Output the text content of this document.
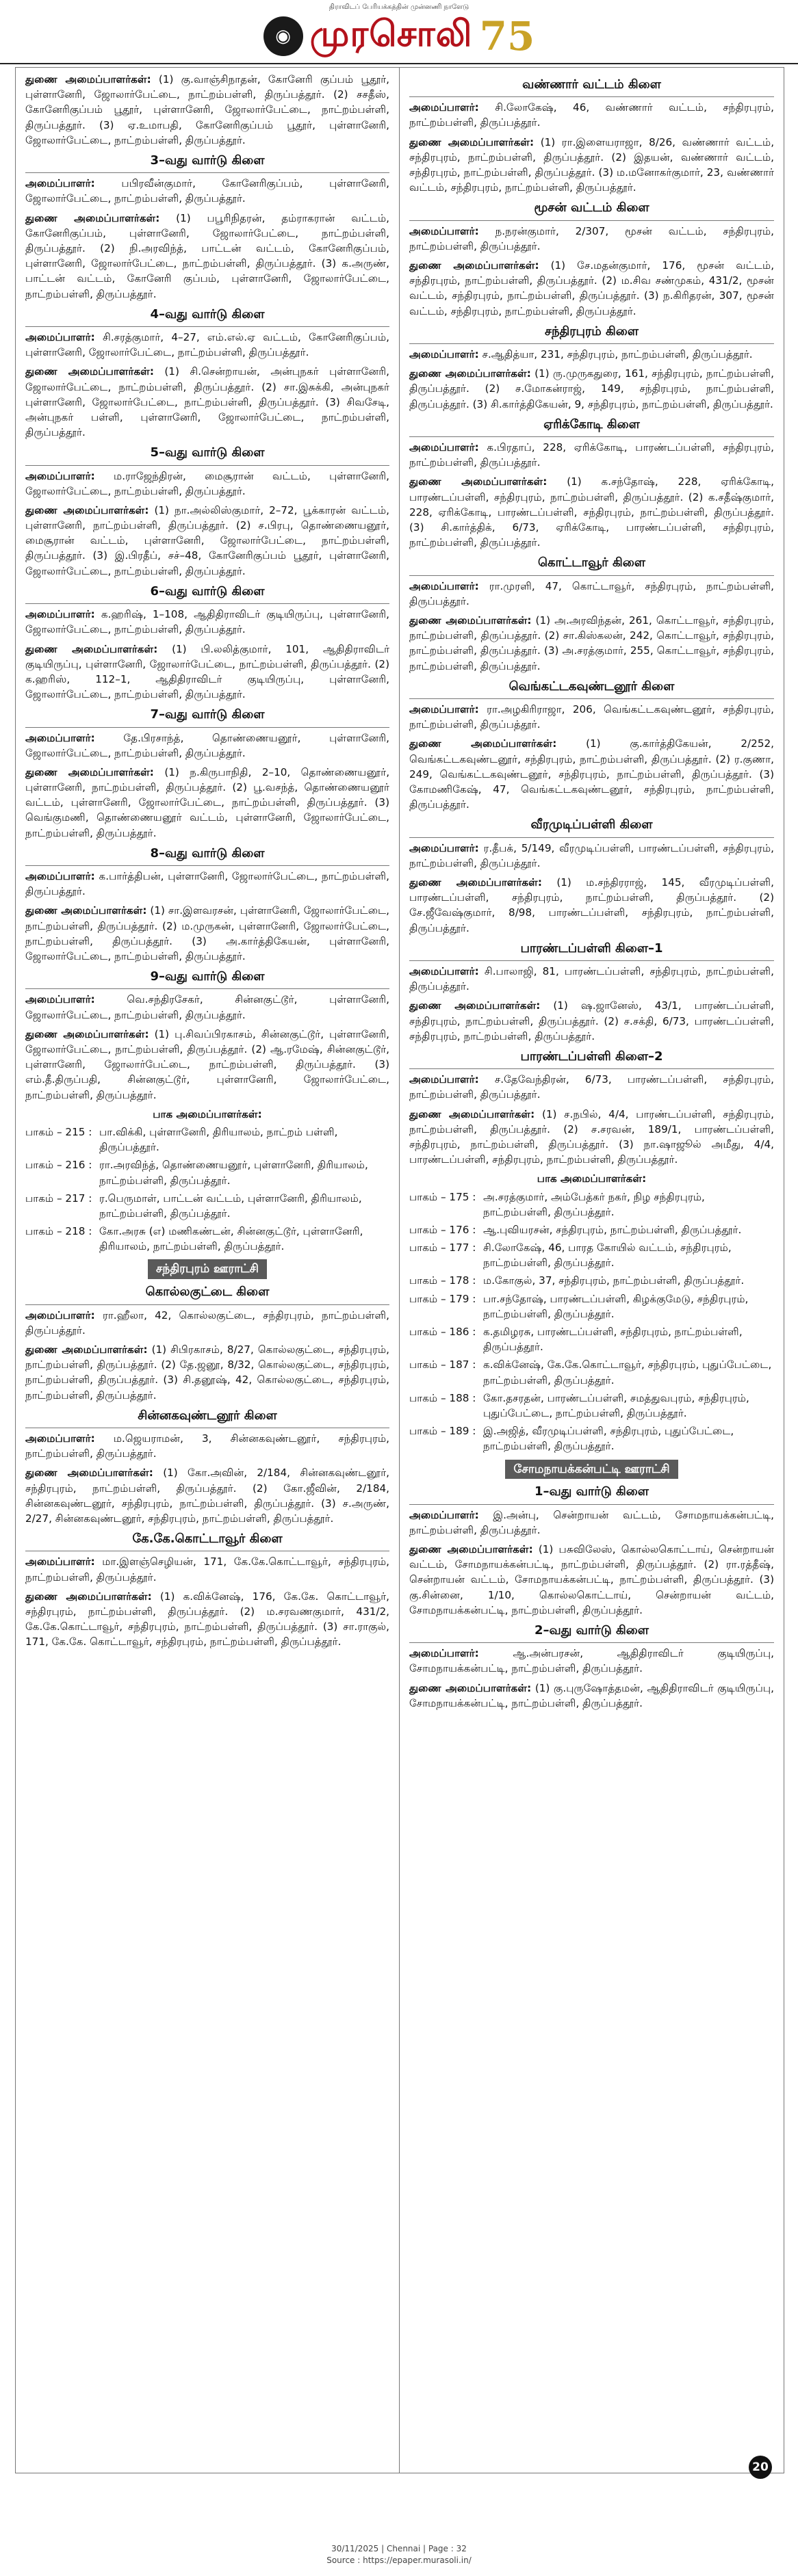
திராவிடப் பேரியக்கத்தின் முன்னணி நாளேடு
◉ முரசொலி 75

துணை அமைப்பாளர்கள்: (1) கு.வாஞ்சிநாதன், கோனேரி குப்பம் பூதூர், புள்ளானேரி, ஜோலார்பேட்டை, நாட்றம்பள்ளி, திருப்பத்தூர். (2) சசதீஸ், கோனேரிகுப்பம் பூதூர், புள்ளானேரி, ஜோலார்பேட்டை, நாட்றம்பள்ளி, திருப்பத்தூர். (3) ஏ.உமாபதி, கோனேரிகுப்பம் பூதூர், புள்ளானேரி, ஜோலார்பேட்டை, நாட்றம்பள்ளி, திருப்பத்தூர்.

3–வது வார்டு கிளை

அமைப்பாளர்:	பபிரவீன்குமார், கோனேரிகுப்பம், புள்ளானேரி, ஜோலார்பேட்டை, நாட்றம்பள்ளி, திருப்பத்தூர்.

துணை அமைப்பாளர்கள்: (1) பபூரிநிதரன், தம்ராகரான் வட்டம், கோனேரிகுப்பம், புள்ளானேரி, ஜோலார்பேட்டை, நாட்றம்பள்ளி, திருப்பத்தூர். (2) நி.அரவிந்த், பாட்டன் வட்டம், கோனேரிகுப்பம், புள்ளானேரி, ஜோலார்பேட்டை, நாட்றம்பள்ளி, திருப்பத்தூர். (3) க.அருண், பாட்டன் வட்டம், கோனேரி குப்பம், புள்ளானேரி, ஜோலார்பேட்டை, நாட்றம்பள்ளி, திருப்பத்தூர்.

4–வது வார்டு கிளை

அமைப்பாளர்: சி.சரத்குமார், 4–27, எம்.எல்.ஏ வட்டம், கோனேரிகுப்பம், புள்ளானேரி, ஜோலார்பேட்டை, நாட்றம்பள்ளி, திருப்பத்தூர்.

துணை அமைப்பாளர்கள்: (1) சி.சென்றாயன், அன்புநகர் புள்ளானேரி, ஜோலார்பேட்டை, நாட்றம்பள்ளி, திருப்பத்தூர். (2) சா.இசுக்கி, அன்புநகர் புள்ளானேரி, ஜோலார்பேட்டை, நாட்றம்பள்ளி, திருப்பத்தூர். (3) சிவசேடி, அன்புநகர் பள்ளி, புள்ளானேரி, ஜோலார்பேட்டை, நாட்றம்பள்ளி, திருப்பத்தூர்.

5–வது வார்டு கிளை

அமைப்பாளர்: ம.ராஜேந்திரன், மைசூரான் வட்டம், புள்ளானேரி, ஜோலார்பேட்டை, நாட்றம்பள்ளி, திருப்பத்தூர்.

துணை அமைப்பாளர்கள்: (1) நா.அல்லிஸ்குமார், 2–72, பூக்காரன் வட்டம், புள்ளானேரி, நாட்றம்பள்ளி, திருப்பத்தூர். (2) ச.பிரபு, தொண்ணையனூர், மைசூரான் வட்டம், புள்ளானேரி, ஜோலார்பேட்டை, நாட்றம்பள்ளி, திருப்பத்தூர். (3) இ.பிரதீப், சச்–48, கோனேரிகுப்பம் பூதூர், புள்ளானேரி, ஜோலார்பேட்டை, நாட்றம்பள்ளி, திருப்பத்தூர்.

6–வது வார்டு கிளை

அமைப்பாளர்: க.ஹரிஷ், 1–108, ஆதிதிராவிடர் குடியிருப்பு, புள்ளானேரி, ஜோலார்பேட்டை, நாட்றம்பள்ளி, திருப்பத்தூர்.

துணை அமைப்பாளர்கள்: (1) பி.லலித்குமார், 101, ஆதிதிராவிடர் குடியிருப்பு, புள்ளானேரி, ஜோலார்பேட்டை, நாட்றம்பள்ளி, திருப்பத்தூர். (2) க.ஹரிஸ், 112–1, ஆதிதிராவிடர் குடியிருப்பு, புள்ளானேரி, ஜோலார்பேட்டை, நாட்றம்பள்ளி, திருப்பத்தூர்.

7–வது வார்டு கிளை

அமைப்பாளர்:	தே.பிரசாந்த், தொண்ணையனூர், புள்ளானேரி, ஜோலார்பேட்டை, நாட்றம்பள்ளி, திருப்பத்தூர்.

துணை அமைப்பாளர்கள்: (1) ந.கிருபாநிதி, 2–10, தொண்ணையனூர், புள்ளானேரி, நாட்றம்பள்ளி, திருப்பத்தூர். (2) பூ.வசந்த், தொண்ணையனூர் வட்டம், புள்ளானேரி, ஜோலார்பேட்டை, நாட்றம்பள்ளி, திருப்பத்தூர். (3) வெங்குமணி, தொண்ணையனூர் வட்டம், புள்ளானேரி, ஜோலார்பேட்டை, நாட்றம்பள்ளி, திருப்பத்தூர்.

8–வது வார்டு கிளை

அமைப்பாளர்: க.பார்த்திபன், புள்ளானேரி, ஜோலார்பேட்டை, நாட்றம்பள்ளி, திருப்பத்தூர்.

துணை அமைப்பாளர்கள்: (1) சா.இளவரசன், புள்ளானேரி, ஜோலார்பேட்டை, நாட்றம்பள்ளி, திருப்பத்தூர். (2) ம.முருகன், புள்ளானேரி, ஜோலார்பேட்டை, நாட்றம்பள்ளி, திருப்பத்தூர். (3) அ.கார்த்திகேயன், புள்ளானேரி, ஜோலார்பேட்டை, நாட்றம்பள்ளி, திருப்பத்தூர்.

9–வது வார்டு கிளை

அமைப்பாளர்:	வெ.சந்திரசேகர், சின்னகுட்டூர், புள்ளானேரி, ஜோலார்பேட்டை, நாட்றம்பள்ளி, திருப்பத்தூர்.

துணை அமைப்பாளர்கள்: (1) பு.சிவப்பிரகாசம், சின்னகுட்டூர், புள்ளானேரி, ஜோலார்பேட்டை, நாட்றம்பள்ளி, திருப்பத்தூர். (2) ஆ.ரமேஷ், சின்னகுட்டூர், புள்ளானேரி, ஜோலார்பேட்டை, நாட்றம்பள்ளி, திருப்பத்தூர். (3) எம்.தீ.திருப்பதி, சின்னகுட்டூர், புள்ளானேரி, ஜோலார்பேட்டை, நாட்றம்பள்ளி, திருப்பத்தூர்.

பாக அமைப்பாளர்கள்:
பாகம் – 215 : பா.விக்கி, புள்ளானேரி, திரியாலம், நாட்றம் பள்ளி, திருப்பத்தூர்.
பாகம் – 216 : ரா.அரவிந்த், தொண்ணையனூர், புள்ளானேரி, திரியாலம், நாட்றம்பள்ளி, திருப்பத்தூர்.
பாகம் – 217 : ர.பெருமாள், பாட்டன் வட்டம், புள்ளானேரி, திரியாலம், நாட்றம்பள்ளி, திருப்பத்தூர்.
பாகம் – 218 : கோ.அரசு (எ) மணிகண்டன், சின்னகுட்டூர், புள்ளானேரி, திரியாலம், நாட்றம்பள்ளி, திருப்பத்தூர்.
சந்திரபுரம் ஊராட்சி
கொல்லகுட்டை கிளை

அமைப்பாளர்: ரா.ஹீலா, 42, கொல்லகுட்டை, சந்திரபுரம், நாட்றம்பள்ளி, திருப்பத்தூர்.

துணை அமைப்பாளர்கள்: (1) சிபிரகாசம், 8/27, கொல்லகுட்டை, சந்திரபுரம், நாட்றம்பள்ளி, திருப்பத்தூர். (2) தே.ஜனூ, 8/32, கொல்லகுட்டை, சந்திரபுரம், நாட்றம்பள்ளி, திருப்பத்தூர். (3) சி.தனூஷ், 42, கொல்லகுட்டை, சந்திரபுரம், நாட்றம்பள்ளி, திருப்பத்தூர்.

சின்னகவுண்டனூர் கிளை

அமைப்பாளர்: ம.ஜெயராமன், 3, சின்னகவுண்டனூர், சந்திரபுரம், நாட்றம்பள்ளி, திருப்பத்தூர்.

துணை அமைப்பாளர்கள்: (1) கோ.அவின், 2/184, சின்னகவுண்டனூர், சந்திரபுரம், நாட்றம்பள்ளி, திருப்பத்தூர். (2) கோ.ஜீவின், 2/184, சின்னகவுண்டனூர், சந்திரபுரம், நாட்றம்பள்ளி, திருப்பத்தூர். (3) ச.அருண், 2/27, சின்னகவுண்டனூர், சந்திரபுரம், நாட்றம்பள்ளி, திருப்பத்தூர்.

கே.கே.கொட்டாவூர் கிளை

அமைப்பாளர்: மா.இளஞ்செழியன், 171, கே.கே.கொட்டாவூர், சந்திரபுரம், நாட்றம்பள்ளி, திருப்பத்தூர்.

துணை அமைப்பாளர்கள்: (1) க.விக்னேஷ், 176, கே.கே. கொட்டாவூர், சந்திரபுரம், நாட்றம்பள்ளி, திருப்பத்தூர். (2) ம.சரவணகுமார், 431/2, கே.கே.கொட்டாவூர், சந்திரபுரம், நாட்றம்பள்ளி, திருப்பத்தூர். (3) சா.ராகுல், 171, கே.கே. கொட்டாவூர், சந்திரபுரம், நாட்றம்பள்ளி, திருப்பத்தூர்.

வண்ணார் வட்டம் கிளை

அமைப்பாளர்: சி.லோகேஷ், 46, வண்ணார் வட்டம், சந்திரபுரம், நாட்றம்பள்ளி, திருப்பத்தூர்.

துணை அமைப்பாளர்கள்: (1) ரா.இளையராஜா, 8/26, வண்ணார் வட்டம், சந்திரபுரம், நாட்றம்பள்ளி, திருப்பத்தூர். (2) இதயன், வண்ணார் வட்டம், சந்திரபுரம், நாட்றம்பள்ளி, திருப்பத்தூர். (3) ம.மனோகர்குமார், 23, வண்ணார் வட்டம், சந்திரபுரம், நாட்றம்பள்ளி, திருப்பத்தூர்.

மூசன் வட்டம் கிளை

அமைப்பாளர்: ந.நரன்குமார், 2/307, மூசன் வட்டம், சந்திரபுரம், நாட்றம்பள்ளி, திருப்பத்தூர்.

துணை அமைப்பாளர்கள்: (1) சே.மதன்குமார், 176, மூசன் வட்டம், சந்திரபுரம், நாட்றம்பள்ளி, திருப்பத்தூர். (2) ம.சிவ சண்முகம், 431/2, மூசன் வட்டம், சந்திரபுரம், நாட்றம்பள்ளி, திருப்பத்தூர். (3) ந.கிரிதரன், 307, மூசன் வட்டம், சந்திரபுரம், நாட்றம்பள்ளி, திருப்பத்தூர்.

சந்திரபுரம் கிளை

அமைப்பாளர்: ச.ஆதித்யா, 231, சந்திரபுரம், நாட்றம்பள்ளி, திருப்பத்தூர்.

துணை அமைப்பாளர்கள்: (1) ரு.முருகதுரை, 161, சந்திரபுரம், நாட்றம்பள்ளி, திருப்பத்தூர். (2) ச.மோகன்ராஜ், 149, சந்திரபுரம், நாட்றம்பள்ளி, திருப்பத்தூர். (3) சி.கார்த்திகேயன், 9, சந்திரபுரம், நாட்றம்பள்ளி, திருப்பத்தூர்.

ஏரிக்கோடி கிளை

அமைப்பாளர்: க.பிரதாப், 228, ஏரிக்கோடி, பாரண்டப்பள்ளி, சந்திரபுரம், நாட்றம்பள்ளி, திருப்பத்தூர்.

துணை அமைப்பாளர்கள்: (1) க.சந்தோஷ், 228, ஏரிக்கோடி, பாரண்டப்பள்ளி, சந்திரபுரம், நாட்றம்பள்ளி, திருப்பத்தூர். (2) க.சதீஷ்குமார், 228, ஏரிக்கோடி, பாரண்டப்பள்ளி, சந்திரபுரம், நாட்றம்பள்ளி, திருப்பத்தூர். (3) சி.கார்த்திக், 6/73, ஏரிக்கோடி, பாரண்டப்பள்ளி, சந்திரபுரம், நாட்றம்பள்ளி, திருப்பத்தூர்.

கொட்டாவூர் கிளை

அமைப்பாளர்: ரா.முரளி, 47, கொட்டாவூர், சந்திரபுரம், நாட்றம்பள்ளி, திருப்பத்தூர்.

துணை அமைப்பாளர்கள்: (1) அ.அரவிந்தன், 261, கொட்டாவூர், சந்திரபுரம், நாட்றம்பள்ளி, திருப்பத்தூர். (2) சா.கிஸ்கலன், 242, கொட்டாவூர், சந்திரபுரம், நாட்றம்பள்ளி, திருப்பத்தூர். (3) அ.சரத்குமார், 255, கொட்டாவூர், சந்திரபுரம், நாட்றம்பள்ளி, திருப்பத்தூர்.

வெங்கட்டகவுண்டனூர் கிளை

அமைப்பாளர்: ரா.அழகிரிராஜா, 206, வெங்கட்டகவுண்டனூர், சந்திரபுரம், நாட்றம்பள்ளி, திருப்பத்தூர்.

துணை அமைப்பாளர்கள்:	(1) கு.கார்த்திகேயன், 2/252, வெங்கட்டகவுண்டனூர், சந்திரபுரம், நாட்றம்பள்ளி, திருப்பத்தூர். (2) ர.குணா, 249, வெங்கட்டகவுண்டனூர், சந்திரபுரம், நாட்றம்பள்ளி, திருப்பத்தூர். (3) கோமணிகேஷ், 47, வெங்கட்டகவுண்டனூர், சந்திரபுரம், நாட்றம்பள்ளி, திருப்பத்தூர்.

வீரமுடிப்பள்ளி கிளை

அமைப்பாளர்: ர.தீபக், 5/149, வீரமுடிப்பள்ளி, பாரண்டப்பள்ளி, சந்திரபுரம், நாட்றம்பள்ளி, திருப்பத்தூர்.

துணை அமைப்பாளர்கள்: (1) ம.சந்திரராஜ், 145, வீரமுடிப்பள்ளி, பாரண்டப்பள்ளி, சந்திரபுரம், நாட்றம்பள்ளி, திருப்பத்தூர். (2) சே.ஜீவேஷ்குமார், 8/98, பாரண்டப்பள்ளி, சந்திரபுரம், நாட்றம்பள்ளி, திருப்பத்தூர்.

பாரண்டப்பள்ளி கிளை–1

அமைப்பாளர்: சி.பாலாஜி, 81, பாரண்டப்பள்ளி, சந்திரபுரம், நாட்றம்பள்ளி, திருப்பத்தூர்.

துணை அமைப்பாளர்கள்: (1) ஷ.ஜானேஸ், 43/1, பாரண்டப்பள்ளி, சந்திரபுரம், நாட்றம்பள்ளி, திருப்பத்தூர். (2) ச.சக்தி, 6/73, பாரண்டப்பள்ளி, சந்திரபுரம், நாட்றம்பள்ளி, திருப்பத்தூர்.

பாரண்டப்பள்ளி கிளை–2

அமைப்பாளர்: ச.தேவேந்திரன், 6/73, பாரண்டப்பள்ளி, சந்திரபுரம், நாட்றம்பள்ளி, திருப்பத்தூர்.

துணை அமைப்பாளர்கள்: (1) ச.நபில், 4/4, பாரண்டப்பள்ளி, சந்திரபுரம், நாட்றம்பள்ளி, திருப்பத்தூர். (2) ச.சரவன், 189/1, பாரண்டப்பள்ளி, சந்திரபுரம், நாட்றம்பள்ளி, திருப்பத்தூர். (3) நா.ஷாஜூல் அமீது, 4/4, பாரண்டப்பள்ளி, சந்திரபுரம், நாட்றம்பள்ளி, திருப்பத்தூர்.

பாக அமைப்பாளர்கள்:
பாகம் – 175 : அ.சரத்குமார், அம்பேத்கர் நகர், நிழ சந்திரபுரம், நாட்றம்பள்ளி, திருப்பத்தூர்.
பாகம் – 176 : ஆ.புவியரசன், சந்திரபுரம், நாட்றம்பள்ளி, திருப்பத்தூர்.
பாகம் – 177 : சி.லோகேஷ், 46, பாரத கோயில் வட்டம், சந்திரபுரம், நாட்றம்பள்ளி, திருப்பத்தூர்.
பாகம் – 178 : ம.கோகுல், 37, சந்திரபுரம், நாட்றம்பள்ளி, திருப்பத்தூர்.
பாகம் – 179 : பா.சந்தோஷ், பாரண்டப்பள்ளி, கிழக்குமேடு, சந்திரபுரம், நாட்றம்பள்ளி, திருப்பத்தூர்.
பாகம் – 186 : க.தமிழரசு, பாரண்டப்பள்ளி, சந்திரபுரம், நாட்றம்பள்ளி, திருப்பத்தூர்.
பாகம் – 187 : க.விக்னேஷ், கே.கே.கொட்டாவூர், சந்திரபுரம், புதுப்பேட்டை, நாட்றம்பள்ளி, திருப்பத்தூர்.
பாகம் – 188 : கோ.தசரதன், பாரண்டப்பள்ளி, சமத்துவபுரம், சந்திரபுரம், புதுப்பேட்டை, நாட்றம்பள்ளி, திருப்பத்தூர்.
பாகம் – 189 : இ.அஜித், வீரமுடிப்பள்ளி, சந்திரபுரம், புதுப்பேட்டை, நாட்றம்பள்ளி, திருப்பத்தூர்.
சோமநாயக்கன்பட்டி ஊராட்சி
1–வது வார்டு கிளை

அமைப்பாளர்: இ.அன்பு, சென்றாயன் வட்டம், சோமநாயக்கன்பட்டி, நாட்றம்பள்ளி, திருப்பத்தூர்.

துணை அமைப்பாளர்கள்: (1) பசுவிலேஸ், கொல்லகொட்டாய், சென்றாயன் வட்டம், சோமநாயக்கன்பட்டி, நாட்றம்பள்ளி, திருப்பத்தூர். (2) ரா.ரத்தீஷ், சென்றாயன் வட்டம், சோமநாயக்கன்பட்டி, நாட்றம்பள்ளி, திருப்பத்தூர். (3) கு.சின்னை, 1/10, கொல்லகொட்டாய், சென்றாயன் வட்டம், சோமநாயக்கன்பட்டி, நாட்றம்பள்ளி, திருப்பத்தூர்.

2–வது வார்டு கிளை

அமைப்பாளர்:	ஆ.அன்பரசன், ஆதிதிராவிடர் குடியிருப்பு, சோமநாயக்கன்பட்டி, நாட்றம்பள்ளி, திருப்பத்தூர்.

துணை அமைப்பாளர்கள்: (1) கு.புருஷோத்தமன், ஆதிதிராவிடர் குடியிருப்பு, சோமநாயக்கன்பட்டி, நாட்றம்பள்ளி, திருப்பத்தூர்.

20
30/11/2025 | Chennai | Page : 32
Source : https://epaper.murasoli.in/
